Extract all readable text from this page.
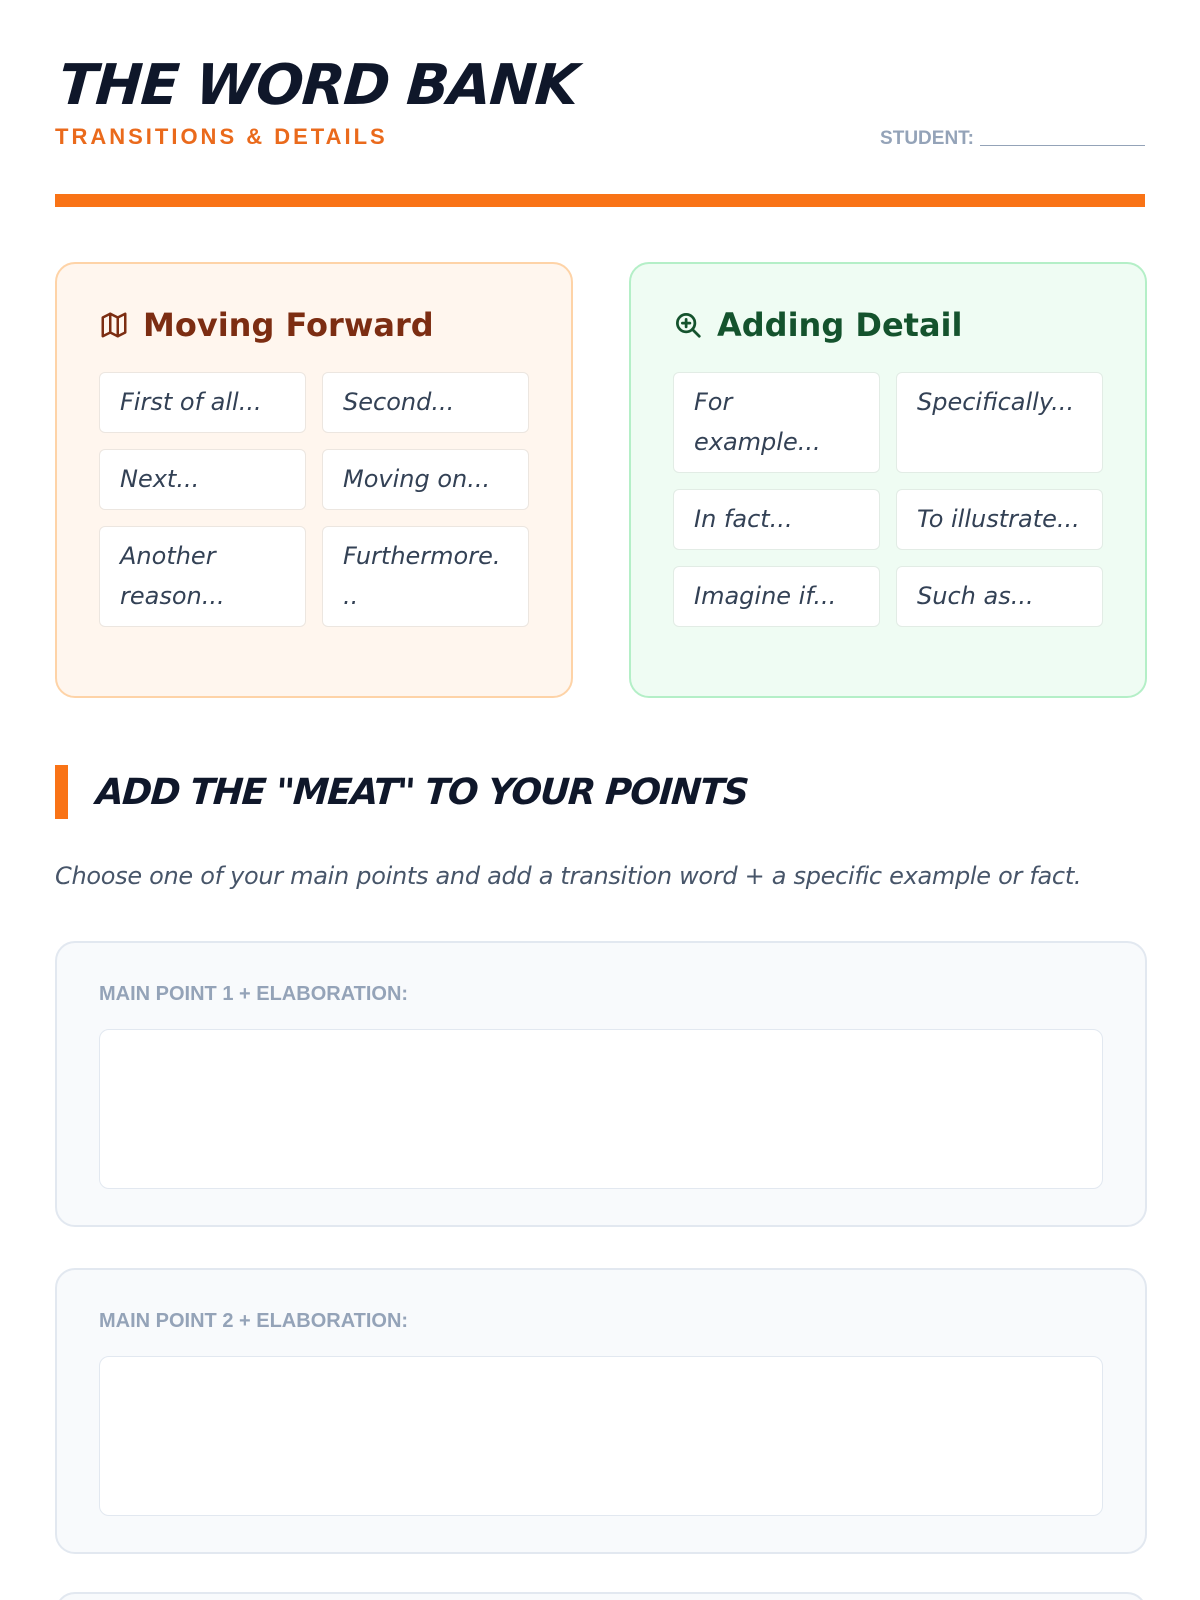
THE WORD BANK
TRANSITIONS & DETAILS	STUDENT:
Moving Forward
First of all...	Second...
Next...	Moving on...
Another reason...
Furthermore...
Adding Detail
For example...
Specifically...
In fact...	To illustrate...
Imagine if...	Such as...
ADD THE "MEAT" TO YOUR POINTS
Choose one of your main points and add a transition word + a specific example or fact.
MAIN POINT 1 + ELABORATION:
MAIN POINT 2 + ELABORATION:
